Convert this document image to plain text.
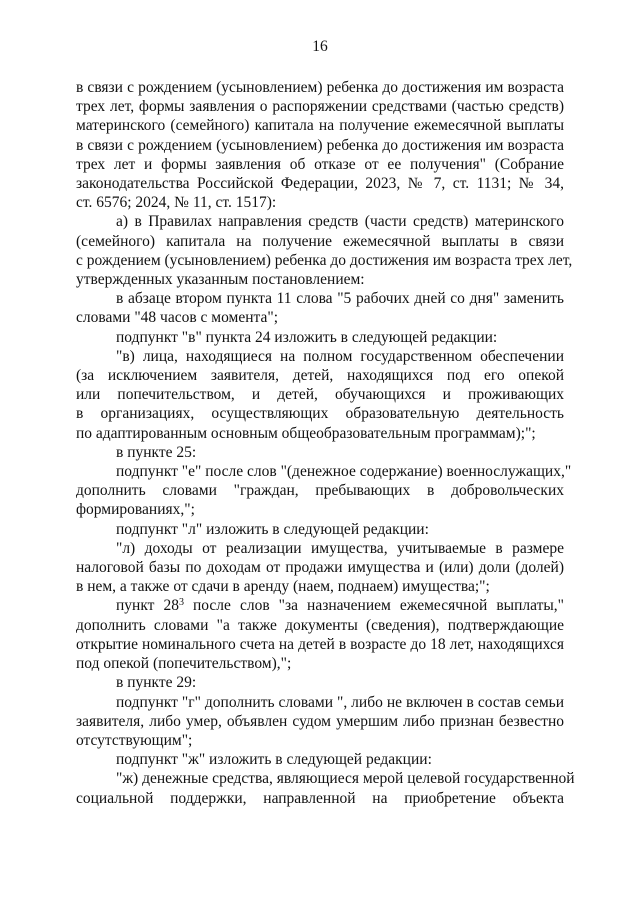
16
в связи с рождением (усыновлением) ребенка до достижения им возраста
трех лет, формы заявления о распоряжении средствами (частью средств)
материнского (семейного) капитала на получение ежемесячной выплаты
в связи с рождением (усыновлением) ребенка до достижения им возраста
трех лет и формы заявления об отказе от ее получения" (Собрание
законодательства Российской Федерации, 2023, № 7, ст. 1131; № 34,
ст. 6576; 2024, № 11, ст. 1517):
а) в Правилах направления средств (части средств) материнского
(семейного) капитала на получение ежемесячной выплаты в связи
с рождением (усыновлением) ребенка до достижения им возраста трех лет,
утвержденных указанным постановлением:
в абзаце втором пункта 11 слова "5 рабочих дней со дня" заменить
словами "48 часов с момента";
подпункт "в" пункта 24 изложить в следующей редакции:
"в) лица, находящиеся на полном государственном обеспечении
(за исключением заявителя, детей, находящихся под его опекой
или попечительством, и детей, обучающихся и проживающих
в организациях, осуществляющих образовательную деятельность
по адаптированным основным общеобразовательным программам);";
в пункте 25:
подпункт "е" после слов "(денежное содержание) военнослужащих,"
дополнить словами "граждан, пребывающих в добровольческих
формированиях,";
подпункт "л" изложить в следующей редакции:
"л) доходы от реализации имущества, учитываемые в размере
налоговой базы по доходам от продажи имущества и (или) доли (долей)
в нем, а также от сдачи в аренду (наем, поднаем) имущества;";
пункт $28^3$ после слов "за назначением ежемесячной выплаты,"
дополнить словами "а также документы (сведения), подтверждающие
открытие номинального счета на детей в возрасте до 18 лет, находящихся
под опекой (попечительством),";
в пункте 29:
подпункт "г" дополнить словами ", либо не включен в состав семьи
заявителя, либо умер, объявлен судом умершим либо признан безвестно
отсутствующим";
подпункт "ж" изложить в следующей редакции:
"ж) денежные средства, являющиеся мерой целевой государственной
социальной поддержки, направленной на приобретение объекта
